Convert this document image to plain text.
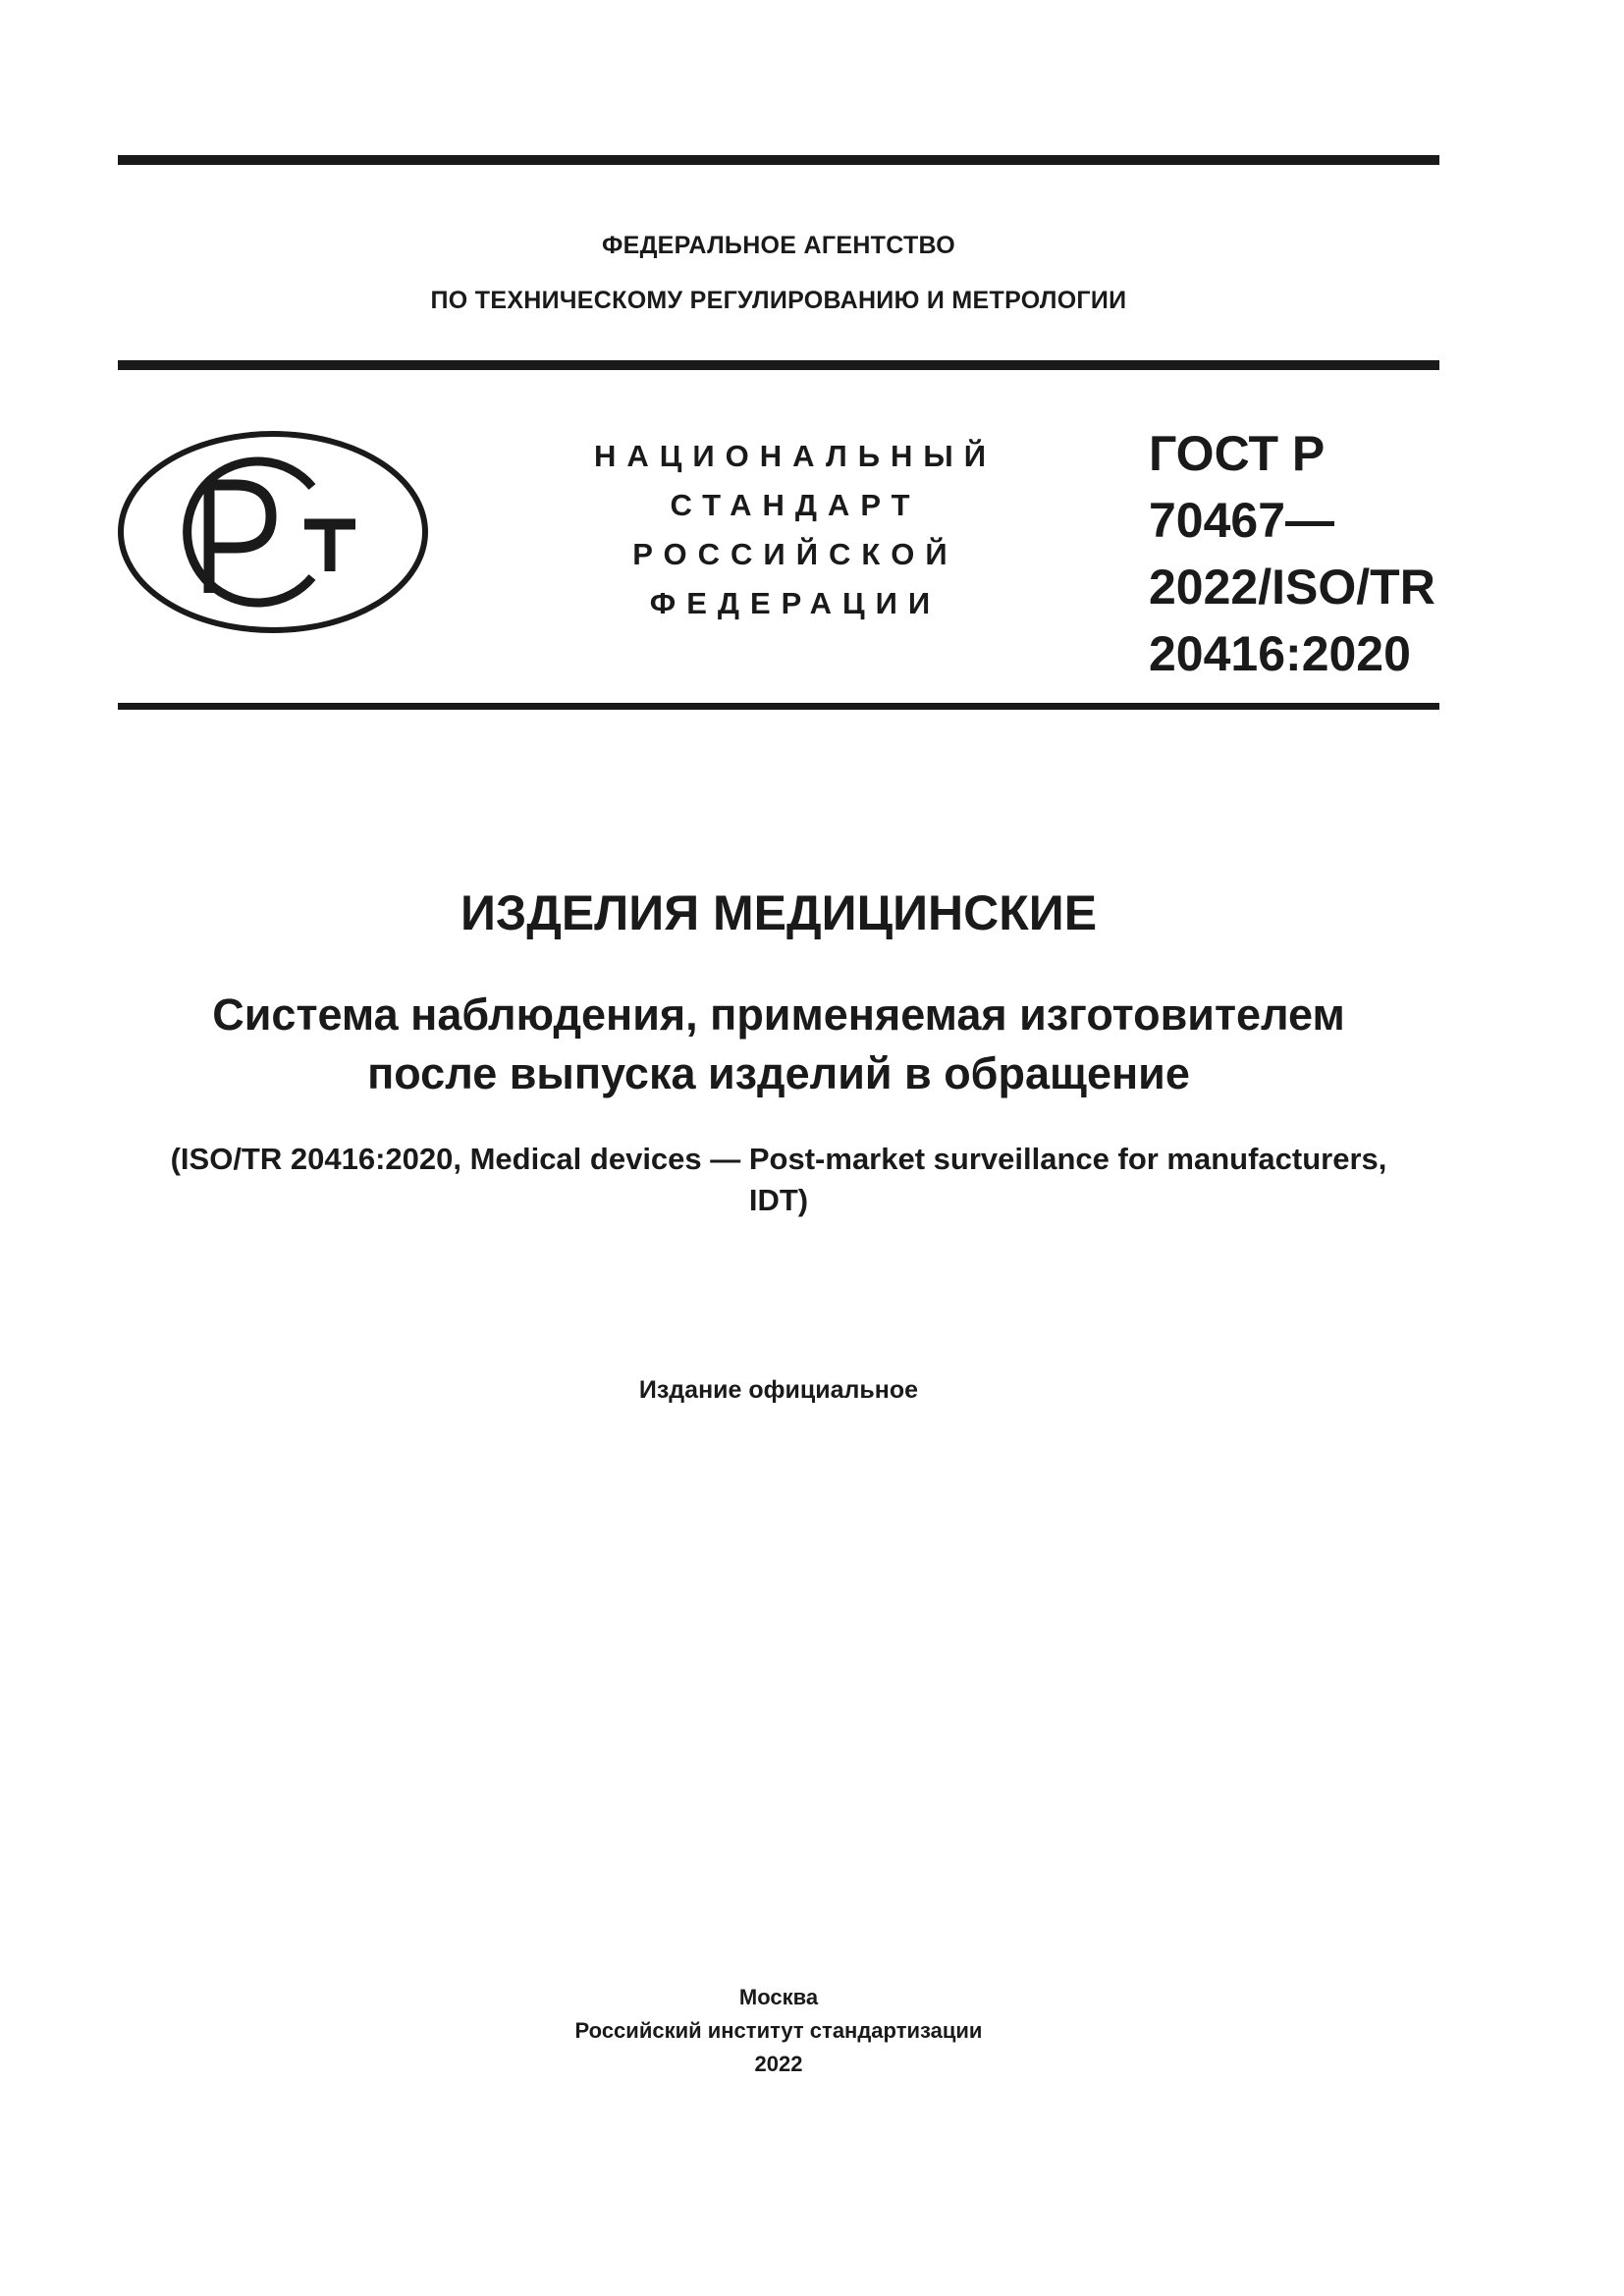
ФЕДЕРАЛЬНОЕ АГЕНТСТВО
ПО ТЕХНИЧЕСКОМУ РЕГУЛИРОВАНИЮ И МЕТРОЛОГИИ
НАЦИОНАЛЬНЫЙ
СТАНДАРТ
РОССИЙСКОЙ
ФЕДЕРАЦИИ
ГОСТ Р
70467—
2022/ISO/TR
20416:2020
ИЗДЕЛИЯ МЕДИЦИНСКИЕ
Система наблюдения, применяемая изготовителем
после выпуска изделий в обращение
(ISO/TR 20416:2020, Medical devices — Post-market surveillance for manufacturers,
IDT)
Издание официальное
Москва
Российский институт стандартизации
2022
